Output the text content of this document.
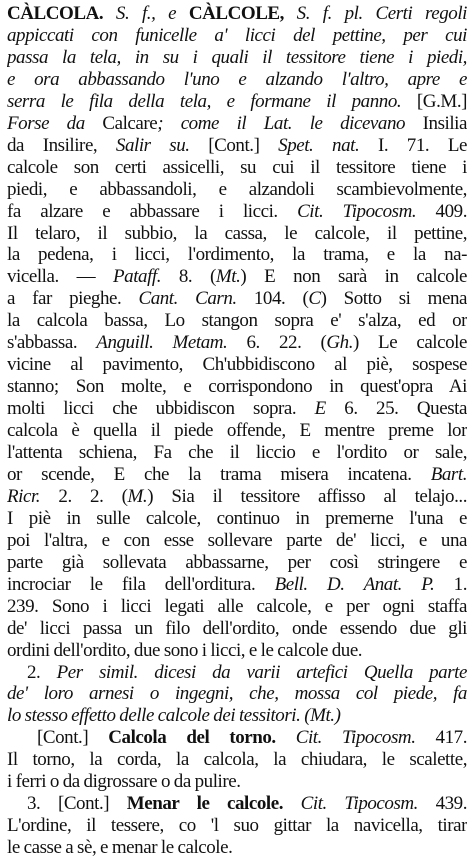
CÀLCOLA. S. f., e CÀLCOLE, S. f. pl. Certi regoli
appiccati con funicelle a' licci del pettine, per cui
passa la tela, in su i quali il tessitore tiene i piedi,
e ora abbassando l'uno e alzando l'altro, apre e
serra le fila della tela, e formane il panno. [G.M.]
Forse da Calcare; come il Lat. le dicevano Insilia
da Insilire, Salir su. [Cont.] Spet. nat. I. 71. Le
calcole son certi assicelli, su cui il tessitore tiene i
piedi, e abbassandoli, e alzandoli scambievolmente,
fa alzare e abbassare i licci. Cit. Tipocosm. 409.
Il telaro, il subbio, la cassa, le calcole, il pettine,
la pedena, i licci, l'ordimento, la trama, e la na-
vicella. — Pataff. 8. (Mt.) E non sarà in calcole
a far pieghe. Cant. Carn. 104. (C) Sotto si mena
la calcola bassa, Lo stangon sopra e' s'alza, ed or
s'abbassa. Anguill. Metam. 6. 22. (Gh.) Le calcole
vicine al pavimento, Ch'ubbidiscono al piè, sospese
stanno; Son molte, e corrispondono in quest'opra Ai
molti licci che ubbidiscon sopra. E 6. 25. Questa
calcola è quella il piede offende, E mentre preme lor
l'attenta schiena, Fa che il liccio e l'ordito or sale,
or scende, E che la trama misera incatena. Bart.
Ricr. 2. 2. (M.) Sia il tessitore affisso al telajo...
I piè in sulle calcole, continuo in premerne l'una e
poi l'altra, e con esse sollevare parte de' licci, e una
parte già sollevata abbassarne, per così stringere e
incrociar le fila dell'orditura. Bell. D. Anat. P. 1.
239. Sono i licci legati alle calcole, e per ogni staffa
de' licci passa un filo dell'ordito, onde essendo due gli
ordini dell'ordito, due sono i licci, e le calcole due.
2. Per simil. dicesi da varii artefici Quella parte
de' loro arnesi o ingegni, che, mossa col piede, fa
lo stesso effetto delle calcole dei tessitori. (Mt.)
[Cont.] Calcola del torno. Cit. Tipocosm. 417.
Il torno, la corda, la calcola, la chiudara, le scalette,
i ferri o da digrossare o da pulire.
3. [Cont.] Menar le calcole. Cit. Tipocosm. 439.
L'ordine, il tessere, co 'l suo gittar la navicella, tirar
le casse a sè, e menar le calcole.
